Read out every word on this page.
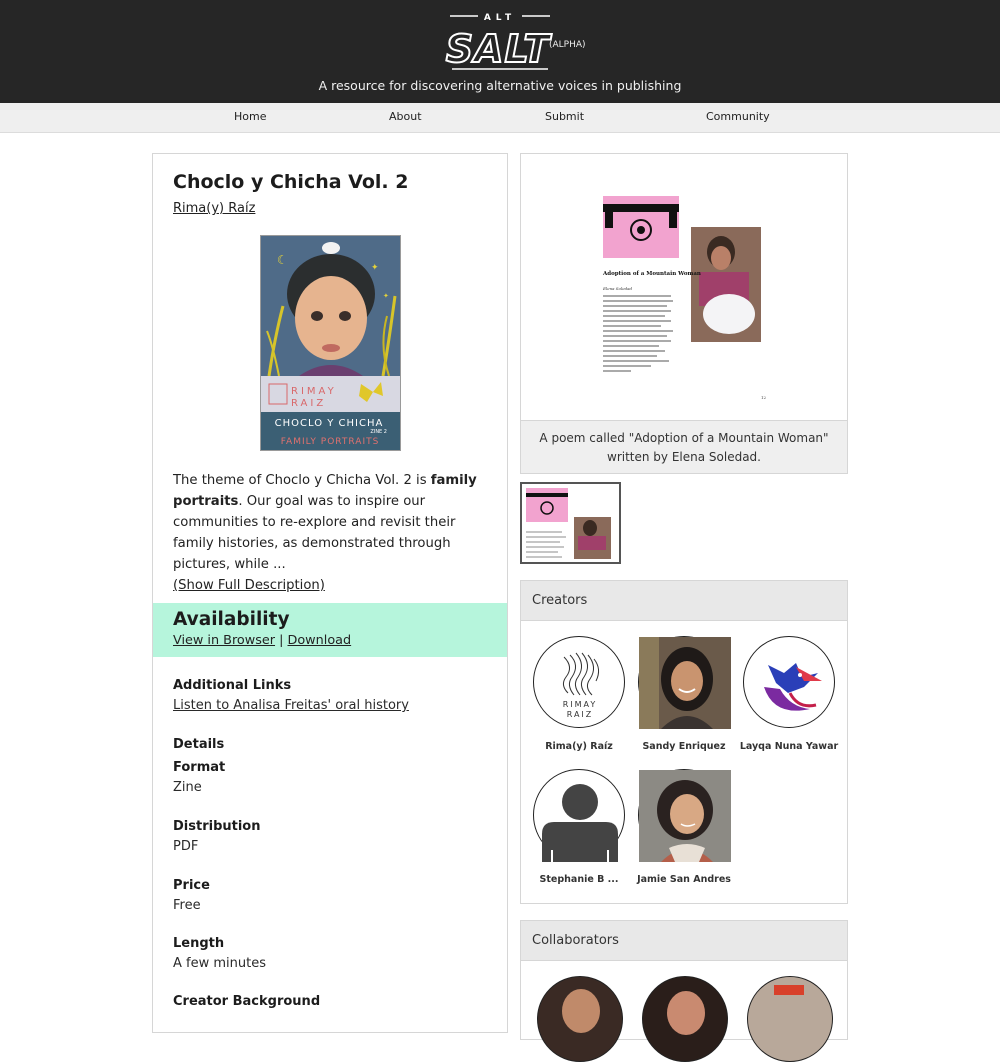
ALT
SALT
(ALPHA)
A resource for discovering alternative voices in publishing
Home	About	Submit	Community
Choclo y Chicha Vol. 2
Rima(y) Raíz
☾
✦
✦
RIMAY
RAIZ
CHOCLO Y CHICHA
ZINE 2
FAMILY PORTRAITS
The theme of Choclo y Chicha Vol. 2 is family portraits. Our goal was to inspire our communities to re-explore and revisit their family histories, as demonstrated through pictures, while ...
(Show Full Description)
Availability
View in Browser | Download
Additional Links
Listen to Analisa Freitas' oral history
Details
Format
Zine
Distribution
PDF
Price
Free
Length
A few minutes
Creator Background
Adoption of a Mountain Woman
Elena Soledad
12
A poem called "Adoption of a Mountain Woman" written by Elena Soledad.
Creators
RIMAY
RAIZ
Rima(y) Raíz	Sandy Enriquez	Layqa Nuna Yawar
Stephanie B ...	Jamie San Andres
Collaborators
